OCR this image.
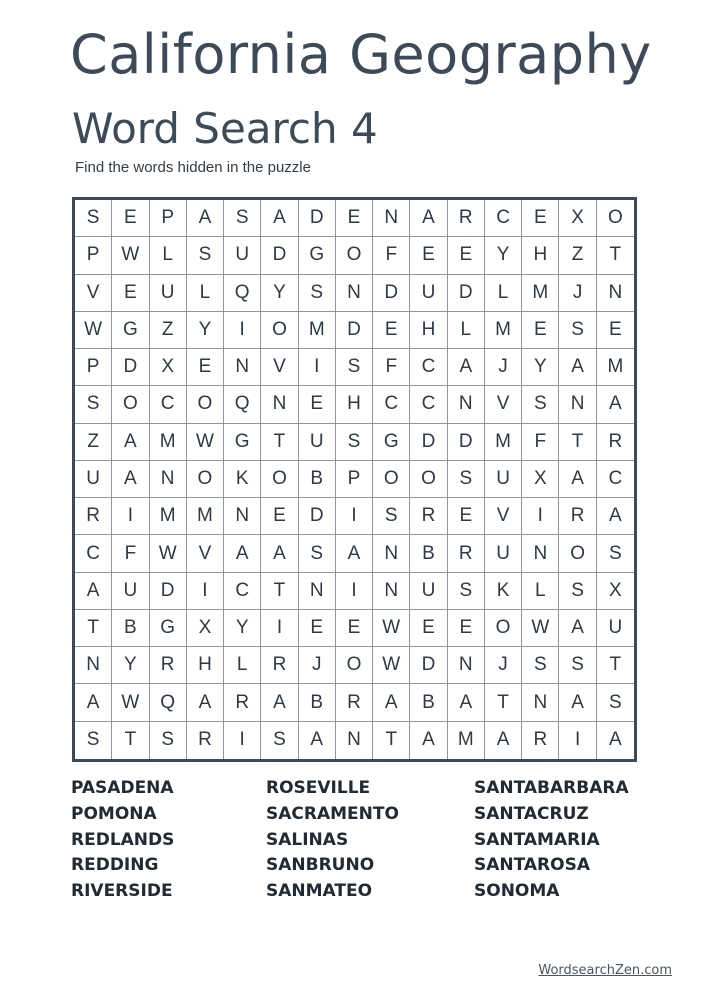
California Geography
Word Search 4

Find the words hidden in the puzzle

S	E	P	A	S	A	D	E	N	A	R	C	E	X	O
P	W	L	S	U	D	G	O	F	E	E	Y	H	Z	T
V	E	U	L	Q	Y	S	N	D	U	D	L	M	J	N
W	G	Z	Y	I	O	M	D	E	H	L	M	E	S	E
P	D	X	E	N	V	I	S	F	C	A	J	Y	A	M
S	O	C	O	Q	N	E	H	C	C	N	V	S	N	A
Z	A	M	W	G	T	U	S	G	D	D	M	F	T	R
U	A	N	O	K	O	B	P	O	O	S	U	X	A	C
R	I	M	M	N	E	D	I	S	R	E	V	I	R	A
C	F	W	V	A	A	S	A	N	B	R	U	N	O	S
A	U	D	I	C	T	N	I	N	U	S	K	L	S	X
T	B	G	X	Y	I	E	E	W	E	E	O	W	A	U
N	Y	R	H	L	R	J	O	W	D	N	J	S	S	T
A	W	Q	A	R	A	B	R	A	B	A	T	N	A	S
S	T	S	R	I	S	A	N	T	A	M	A	R	I	A
PASADENA
POMONA
REDLANDS
REDDING
RIVERSIDE
ROSEVILLE
SACRAMENTO
SALINAS
SANBRUNO
SANMATEO
SANTABARBARA
SANTACRUZ
SANTAMARIA
SANTAROSA
SONOMA
WordsearchZen.com
